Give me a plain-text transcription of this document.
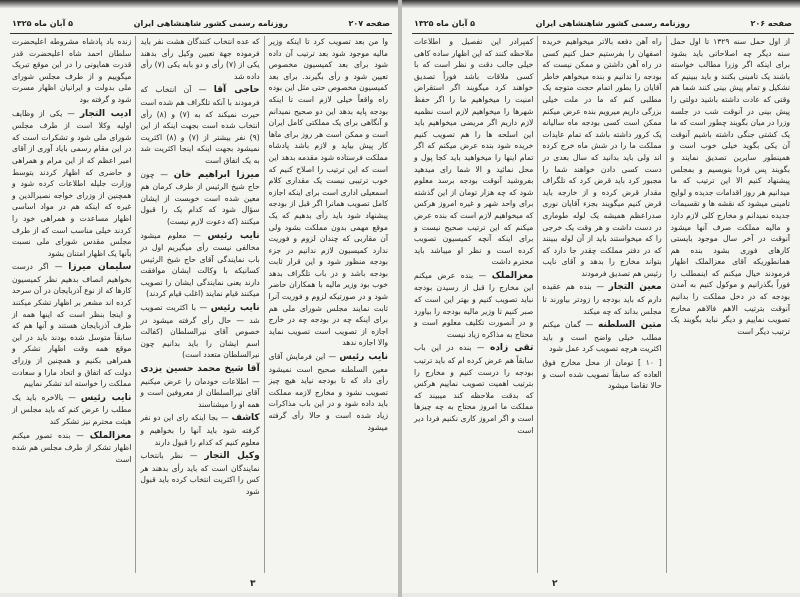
صفحه ۲۰۷
روزنامه رسمی کشور شاهنشاهی ایران
۵ آبان ماه ۱۳۲۵
وا من بعد تصویب کرد تا اینکه وزیر مالیه موجود شود بعد ترتیب آن داده شود برای بعد کمیسیون مخصوص تعیین شود و رأی بگیرند. برای بعد کمیسیون مخصوص حتی مثل این بوده راه واقعاً خیلی لازم است تا اینکه بودجه پایه بدهد این دو صحیح نمیدانم و آنگاهی برای یک مملکتی کامل ایران است و ممکن است هر روز برای ماها کار پیش بیاید و لازم باشد پادشاه مملکت فرستاده شود مقدمه بدهد این است که این ترتیب را اصلاح کنیم که خوب ترتیبی نیست یک مقداری کلام اسمعیلی اداری است برای اینکه اجازه کامل تصویب همانرا اگر قبل از بودجه پیشنهاد شود باید رأی بدهیم که یک موقع مهمی بدون مملکت بشود ولی آن مقاربی که چندان لزوم و فوریت ندارد کمیسیون لازم ندانیم در جزء بودجه منظور شود و این قرار ثابت بودجه باشد و در باب تلگراف بدهد خوب بود وزیر مالیه با همکاران حاضر شود و در صورتیکه لزوم و فوریت آنرا ثابت نمایند مجلس شورای ملی هم برای اینکه چه در بودجه چه در خارج اجازه از تصویب است تصویب نماید والا اجازه ندهد
نایب رئیس — این فرمایش آقای معین السلطنه صحیح است نمیشود رأی داد که تا بودجه نیاید هیچ چیز تصویب نشود و مخارج لازمه مملکت باید داده شود و در این باب مذاکرات زیاد شده است و حالا رأی گرفته میشود
که عده انتخاب کنندگان هشت نفر باید فرموده جهة تعیین وکیل رأی بدهند یکی از (۷) رأی و دو بابه یکی (۷) رأی داده شد
حاجی آقا — آن انتخاب که فرمودند با آنکه تلگراف هم شده است حیرت نمیکند که به (۷) و (۸) رأی انتخاب شده است بجهت اینکه از این (۹) نفر بیشتر از (۷) و (۸) اکثریت نمیشود بجهت اینکه اینجا اکثریت شد به یک اتفاق است
میرزا ابراهیم خان — چون حاج شیخ الرئیس از طرف کرمان هم معین شده است خوبست از ایشان سؤال شود که کدام یک را قبول میکنند (که دعوت لازم نیست)
نایب رئیس — معلوم میشود مخالفی نیست رأی میگیریم اول در باب نمایندگی آقای حاج شیخ الرئیس کسانیکه با وکالت ایشان موافقت دارند یعنی نمایندگی ایشان را تصویب میکنند قیام نمایند (اغلب قیام کردند)
نایب رئیس — با اکثریت تصویب شد — حال رأی گرفته میشود در خصوص آقای نیرالسلطان (کفالت اسم ایشان را باید بدانیم چون نیرالسلطان متعدد است)
آقا شیخ محمد حسین یزدی — اطلاعات خودمان را عرض میکنیم آقای نیرالسلطان از معروفین است و همه او را میشناسند
کاشف — بجا اینکه رای این دو نفر گرفته شود باید آنها را بخواهیم و معلوم کنیم که کدام را قبول دارند
وکیل التجار — نظر بانتخاب نمایندگان است که باید رأی بدهند هر کس را اکثریت انتخاب کرده باید قبول شود
زنده باد پادشاه مشروطه اعلیحضرت سلطان احمد شاه اعلیحضرت قدر قدرت همایونی را در این موقع تبریک میگوییم و از طرف مجلس شورای ملی بدولت و ایرانیان اظهار مسرت شود و گرفته بود
ادیب التجار — یکی از وظایف اولیه وکلا است از طرف مجلس شورای ملی شود و تشکرات است که در این مقام رسمی بایاد آوری از آقای امیر اعظم که از این مرام و همراهی و حاضری که اظهار کردند بتوسط وزارت جلیله اطلاعات کرده شود و همچنین از وزرای خواجه نصیرالدین و غیره که اینکه هم در مواد اساسی اظهار مساعدت و همراهی خود را کردند خیلی مناسب است که از طرف مجلس مقدس شورای ملی نسبت بآنها یک اظهار امتنان بشود
سلیمان میرزا — اگر درست بخواهیم انصاف بدهیم نظر کمیسیون کارها که از نوع آذربایجان در آن سرحد کرده اند مشعر بر اظهار تشکر میکنند و اینجا بنظر است که اینها همه از طرف آذربایجان هستند و آنها هم که سابقاً متوسل شده بودند باید در این موقع همه وقت اظهار تشکر و همراهی بکنیم و همچنین از وزرای دولت که اتفاق و اتحاد مارا و سعادت مملکت را خواسته اند تشکر نماییم
نایب رئیس — بالاخره باید یک مطلب را عرض کنم که باید مجلس از هیئت محترم نیز تشکر کند
معزالملک — بنده تصور میکنم اظهار تشکر از طرف مجلس هم شده است
۳
صفحه ۲۰۶
روزنامه رسمی کشور شاهنشاهی ایران
۵ آبان ماه ۱۳۲۵
از اول حمل سنه ۱۳۲۹ تا اول حمل سنه دیگر چه اصلاحاتی باید بشود برای اینکه اگر وزرا مطالب خواسته باشند یک تامینی بکنند و باید ببینیم که تشکیل و تمام پیش بینی کنند شما هم وقتی که عادت داشته باشید دولتی را پیش بینی در آنوقت شب در جلسه وزرا در میان بگویند چطور است که ما یک کشتی جنگی داشته باشیم آنوقت آن یکی بگوید خیلی خوب است و همینطور سایرین تصدیق نمایند و بگویند پس فردا بنویسیم و بمجلس پیشنهاد کنیم الا این ترتیب که ما میدانیم هر روز اقدامات جدیده و لوایح تامینی میشود که نقشه ها و تقسیمات جدیده نمیدانم و مخارج کلی لازم دارد و مالیه مملکت صرف آنها میشود آنوقت در آخر سال موجود بایستی کارهای فوری بشود بنده هم همانطوریکه آقای معزالملک اظهار فرمودند خیال میکنم که اینمطلب را فوراً بگذرانیم و موکول کنیم به آمدن بودجه که در دخل مملکت را بدانیم آنوقت بترتیب الاهم فالاهم مخارج تصویب نماییم و دیگر نباید بگویند یک ترتیب دیگر است
راه آهن دفعه بالاتر میخواهیم خریده اصفهان را بفرستیم حمل کنیم کسی در راه آهن داشتن و ممکن نیست که بودجه را ندانیم و بنده میخواهم خاطر آقایان را بطور اتمام حجت متوجه یک مطلبی کنم که ما در ملت خیلی بزرگی داریم میرویم بنده عرض میکنم ممکن است کسی بودجه ماه سالیانه یک کرور داشته باشد که تمام عایدات مملکت ما را در شش ماه خرج کرده اند ولی باید بدانید که سال بعدی در دست کسی دادن خواهند شما را مجبور کرد باید قرض کرد که تلگراف مقدار قرض کرده و از خارجه باید قرض کنیم میگویند بجزء آقایان نوری صدراعظم همیشه یک لوله طوماری در دست داشت و هر وقت یک خرجی را که میخواستند باید از آن لوله ببینند که در دفتر مملکت چقدر جا دارد که بتواند مخارج را بدهد و آقای نایب رئیس هم تصدیق فرمودند
معین التجار — بنده هم عقیده دارم که باید بودجه را زودتر بیاورند تا مجلس بداند که چه میکند
متین السلطنه — گمان میکنم مطلب خیلی واضح است و باید اکثریت هرچه تصویب کرد عمل شود
[ ۱۰ ] تومان از محل مخارج فوق العاده که سابقاً تصویب شده است و حالا تقاضا میشود
کمپرادر این تفصیل و اطلاعات ملاحظه کنند که این اظهار ساده کاهی خیلی جالب دقت و نظر است که با کسی ملاقات باشد فوراً تصدیق خواهند کرد میگویند اگر استقراض امنیت را میخواهیم ما را اگر حفظ شهرها را میخواهیم لازم است نظمیه لازم داریم اگر مریضی میخواهیم باید این اسلحه ها را هم تصویب کنیم خریده شود بنده عرض میکنم که اگر تمام اینها را میخواهید باید کجا پول و محل نمائید و الا شما رای میدهید بفروشید آنوقت بودجه برسد معلوم شود که چه هزار تومان از این گذشته برای واحد شهر و غیره امروز هرکس که میخواهیم لازم است که بنده عرض میکنم که این ترتیب صحیح نیست و برای اینکه آنچه کمیسیون تصویب کرده است و نظر او میباشد باید محترم داشت
معزالملک — بنده عرض میکنم این مخارج را قبل از رسیدن بودجه نباید تصویب کنیم و بهتر این است که صبر کنیم تا وزیر مالیه بودجه را بیاورد و در آنصورت تکلیف معلوم است و محتاج به مذاکره زیاد نیست
تقی زاده — بنده در این باب سابقاً هم عرض کرده ام که باید ترتیب بودجه را درست کنیم و مخارج را بترتیب اهمیت تصویب نماییم هرکس که بدقت ملاحظه کند میبیند که مملکت ما امروز محتاج به چه چیزها است و اگر امروز کاری نکنیم فردا دیر است
۲
